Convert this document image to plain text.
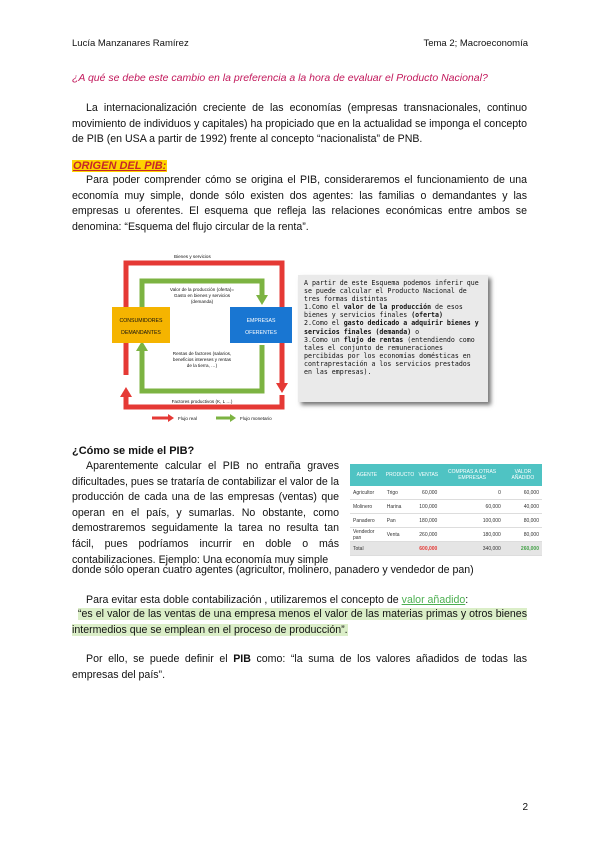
Lucía Manzanares Ramírez	Tema 2; Macroeconomía
¿A qué se debe este cambio en la preferencia a la hora de evaluar el Producto Nacional?
La internacionalización creciente de las economías (empresas transnacionales, continuo movimiento de individuos y capitales) ha propiciado que en la actualidad se imponga el concepto de PIB (en USA a partir de 1992) frente al concepto “nacionalista” de PNB.
ORIGEN DEL PIB:
Para poder comprender cómo se origina el PIB, consideraremos el funcionamiento de una economía muy simple, donde sólo existen dos agentes: las familias o demandantes y las empresas u oferentes. El esquema que refleja las relaciones económicas entre ambos se denomina: “Esquema del flujo circular de la renta”.
CONSUMIDORES
DEMANDANTES
EMPRESAS
OFERENTES
Bienes y servicios
Valor de la producción (oferta)=
Gasto en bienes y servicios
(demanda)
Rentas de factores (salarios,
beneficios intereses y rentas
de la tierra, …)
Factores productivos (K, L …)
Flujo real	Flujo monetario
A partir de este Esquema podemos inferir que se puede calcular el Producto Nacional de tres formas distintas
1.Como el valor de la producción de esos bienes y servicios finales (oferta)
2.Como el gasto dedicado a adquirir bienes y servicios finales (demanda) o
3.Como un flujo de rentas (entendiendo como tales el conjunto de remuneraciones percibidas por los economías domésticas en contraprestación a los servicios prestados en las empresas).
¿Cómo se mide el PIB?
Aparentemente calcular el PIB no entraña graves dificultades, pues se trataría de contabilizar el valor de la producción de cada una de las empresas (ventas) que operan en el país, y sumarlas. No obstante, como demostraremos seguidamente la tarea no resulta tan fácil, pues podríamos incurrir en doble o más contabilizaciones. Ejemplo: Una economía muy simple
donde sólo operan cuatro agentes (agricultor, molinero, panadero y vendedor de pan)
AGENTE	PRODUCTO	VENTAS	COMPRAS A OTRAS EMPRESAS	VALOR AÑADIDO
Agricultor	Trigo	60,000	0	60,000
Molinero	Harina	100,000	60,000	40,000
Panadero	Pan	180,000	100,000	80,000
Vendedor pan	Venta	260,000	180,000	80,000
Total		600,000	340,000	260,000
Para evitar esta doble contabilización , utilizaremos el concepto de valor añadido:
“es el valor de las ventas de una empresa menos el valor de las materias primas y otros bienes intermedios que se emplean en el proceso de producción”.
Por ello, se puede definir el PIB como: “la suma de los valores añadidos de todas las empresas del país”.
2
